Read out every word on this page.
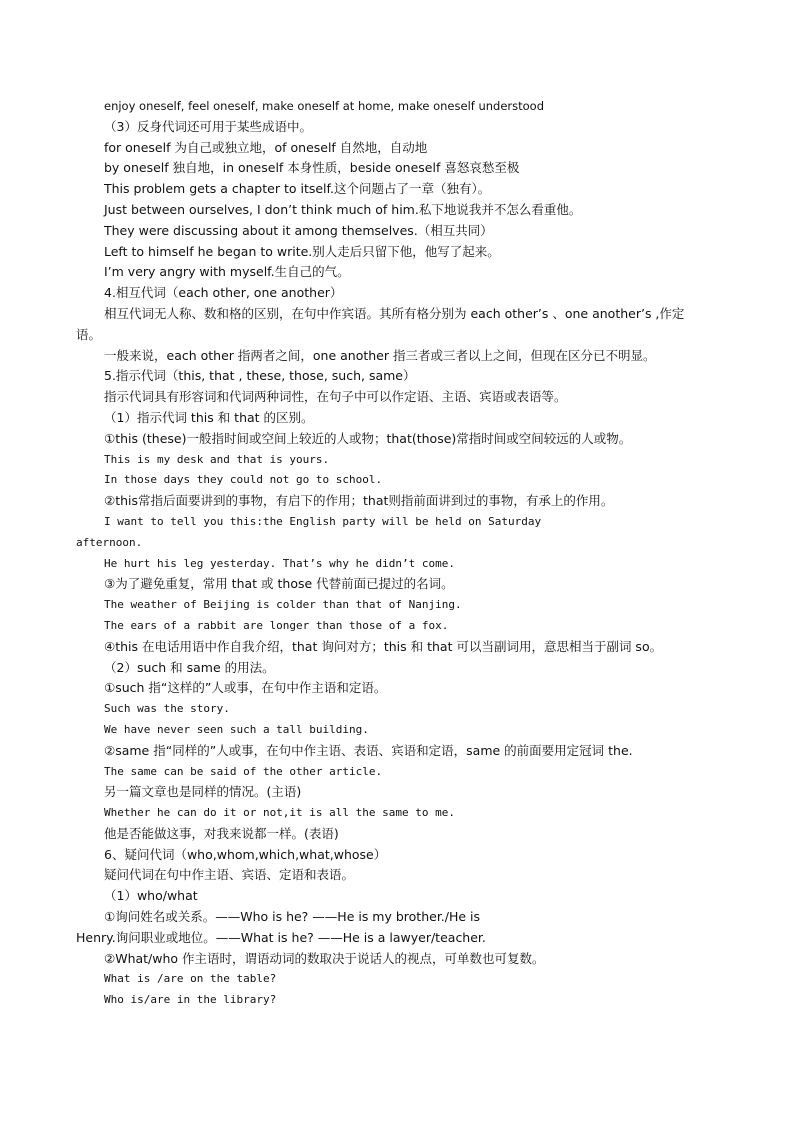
enjoy oneself, feel oneself, make oneself at home, make oneself understood
（3）反身代词还可用于某些成语中。
for oneself 为自己或独立地，of oneself 自然地，自动地
by oneself 独自地，in oneself 本身性质，beside oneself 喜怒哀愁至极
This problem gets a chapter to itself.这个问题占了一章（独有）。
Just between ourselves, I don’t think much of him.私下地说我并不怎么看重他。
They were discussing about it among themselves.（相互共同）
Left to himself he began to write.别人走后只留下他，他写了起来。
I’m very angry with myself.生自己的气。
4.相互代词（each other, one another）
相互代词无人称、数和格的区别，在句中作宾语。其所有格分别为 each other’s 、one another’s ,作定
语。
一般来说，each other 指两者之间，one another 指三者或三者以上之间，但现在区分已不明显。
5.指示代词（this, that , these, those, such, same）
指示代词具有形容词和代词两种词性，在句子中可以作定语、主语、宾语或表语等。
（1）指示代词 this 和 that 的区别。
①this (these)一般指时间或空间上较近的人或物；that(those)常指时间或空间较远的人或物。
This is my desk and that is yours.
In those days they could not go to school.
②this常指后面要讲到的事物，有启下的作用；that则指前面讲到过的事物，有承上的作用。
I want to tell you this:the English party will be held on Saturday
afternoon.
He hurt his leg yesterday. That’s why he didn’t come.
③为了避免重复，常用 that 或 those 代替前面已提过的名词。
The weather of Beijing is colder than that of Nanjing.
The ears of a rabbit are longer than those of a fox.
④this 在电话用语中作自我介绍，that 询问对方；this 和 that 可以当副词用，意思相当于副词 so。
（2）such 和 same 的用法。
①such 指“这样的”人或事，在句中作主语和定语。
Such was the story.
We have never seen such a tall building.
②same 指“同样的”人或事，在句中作主语、表语、宾语和定语，same 的前面要用定冠词 the.
The same can be said of the other article.
另一篇文章也是同样的情况。(主语)
Whether he can do it or not,it is all the same to me.
他是否能做这事，对我来说都一样。(表语)
6、疑问代词（who,whom,which,what,whose）
疑问代词在句中作主语、宾语、定语和表语。
（1）who/what
①询问姓名或关系。——Who is he? ——He is my brother./He is
Henry.询问职业或地位。——What is he? ——He is a lawyer/teacher.
②What/who 作主语时，谓语动词的数取决于说话人的视点，可单数也可复数。
What is /are on the table?
Who is/are in the library?
